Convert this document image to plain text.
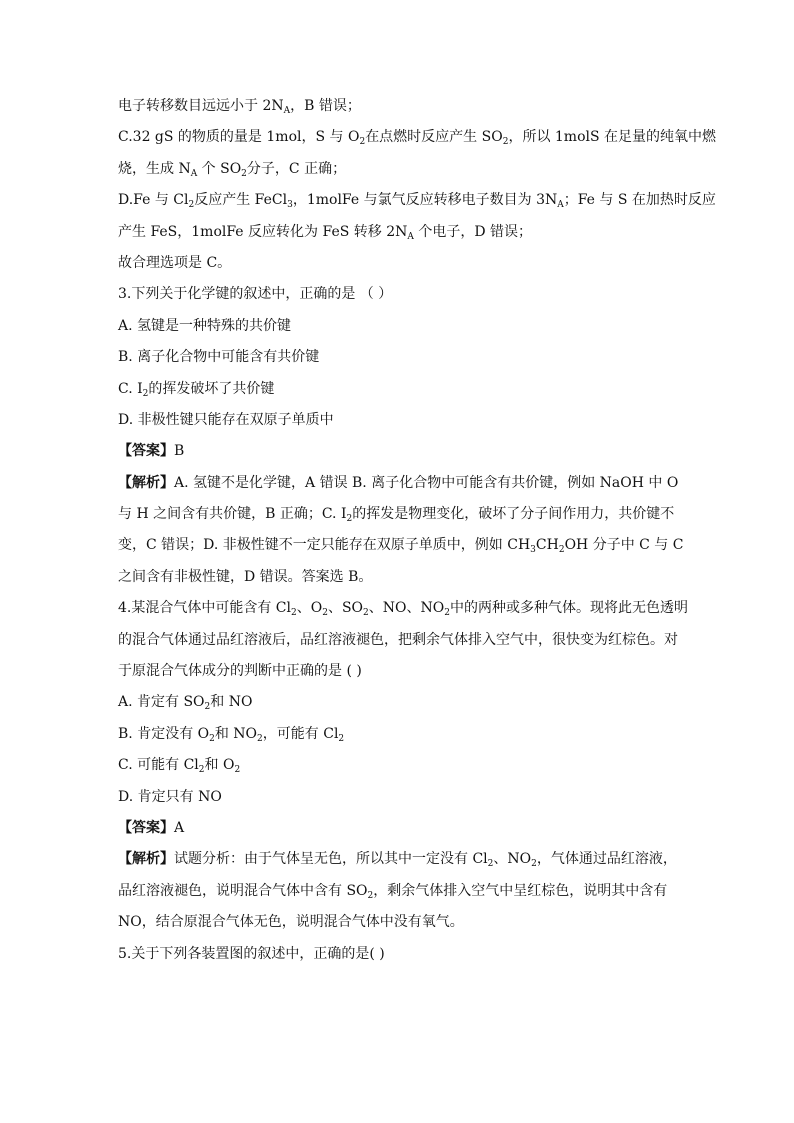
电子转移数目远远小于 $2N_A$，B 错误；

C.32 gS 的物质的量是 1mol，S 与 $O_2$在点燃时反应产生 $SO_2$，所以 1molS 在足量的纯氧中燃

烧，生成 $N_A$ 个 $SO_2$分子，C 正确；

D.Fe 与 $Cl_2$反应产生 FeCl$_3$，1molFe 与氯气反应转移电子数目为 $3N_A$；Fe 与 S 在加热时反应

产生 FeS，1molFe 反应转化为 FeS 转移 $2N_A$ 个电子，D 错误；

故合理选项是 C。

3.下列关于化学键的叙述中，正确的是 （ ）

A. 氢键是一种特殊的共价键

B. 离子化合物中可能含有共价键

C. $I_2$的挥发破坏了共价键

D. 非极性键只能存在双原子单质中

【答案】B

【解析】A. 氢键不是化学键，A 错误 B. 离子化合物中可能含有共价键，例如 NaOH 中 O

与 H 之间含有共价键，B 正确；C. $I_2$的挥发是物理变化，破坏了分子间作用力，共价键不

变，C 错误；D. 非极性键不一定只能存在双原子单质中，例如 $CH_3CH_2OH$ 分子中 C 与 C

之间含有非极性键，D 错误。答案选 B。

4.某混合气体中可能含有 $Cl_2$、$O_2$、$SO_2$、NO、$NO_2$中的两种或多种气体。现将此无色透明

的混合气体通过品红溶液后，品红溶液褪色，把剩余气体排入空气中，很快变为红棕色。对

于原混合气体成分的判断中正确的是 ( )

A. 肯定有 $SO_2$和 NO

B. 肯定没有 $O_2$和 $NO_2$，可能有 $Cl_2$

C. 可能有 $Cl_2$和 $O_2$

D. 肯定只有 NO

【答案】A

【解析】试题分析：由于气体呈无色，所以其中一定没有 $Cl_2$、$NO_2$，气体通过品红溶液，

品红溶液褪色，说明混合气体中含有 $SO_2$，剩余气体排入空气中呈红棕色，说明其中含有

NO，结合原混合气体无色，说明混合气体中没有氧气。

5.关于下列各装置图的叙述中，正确的是( )
